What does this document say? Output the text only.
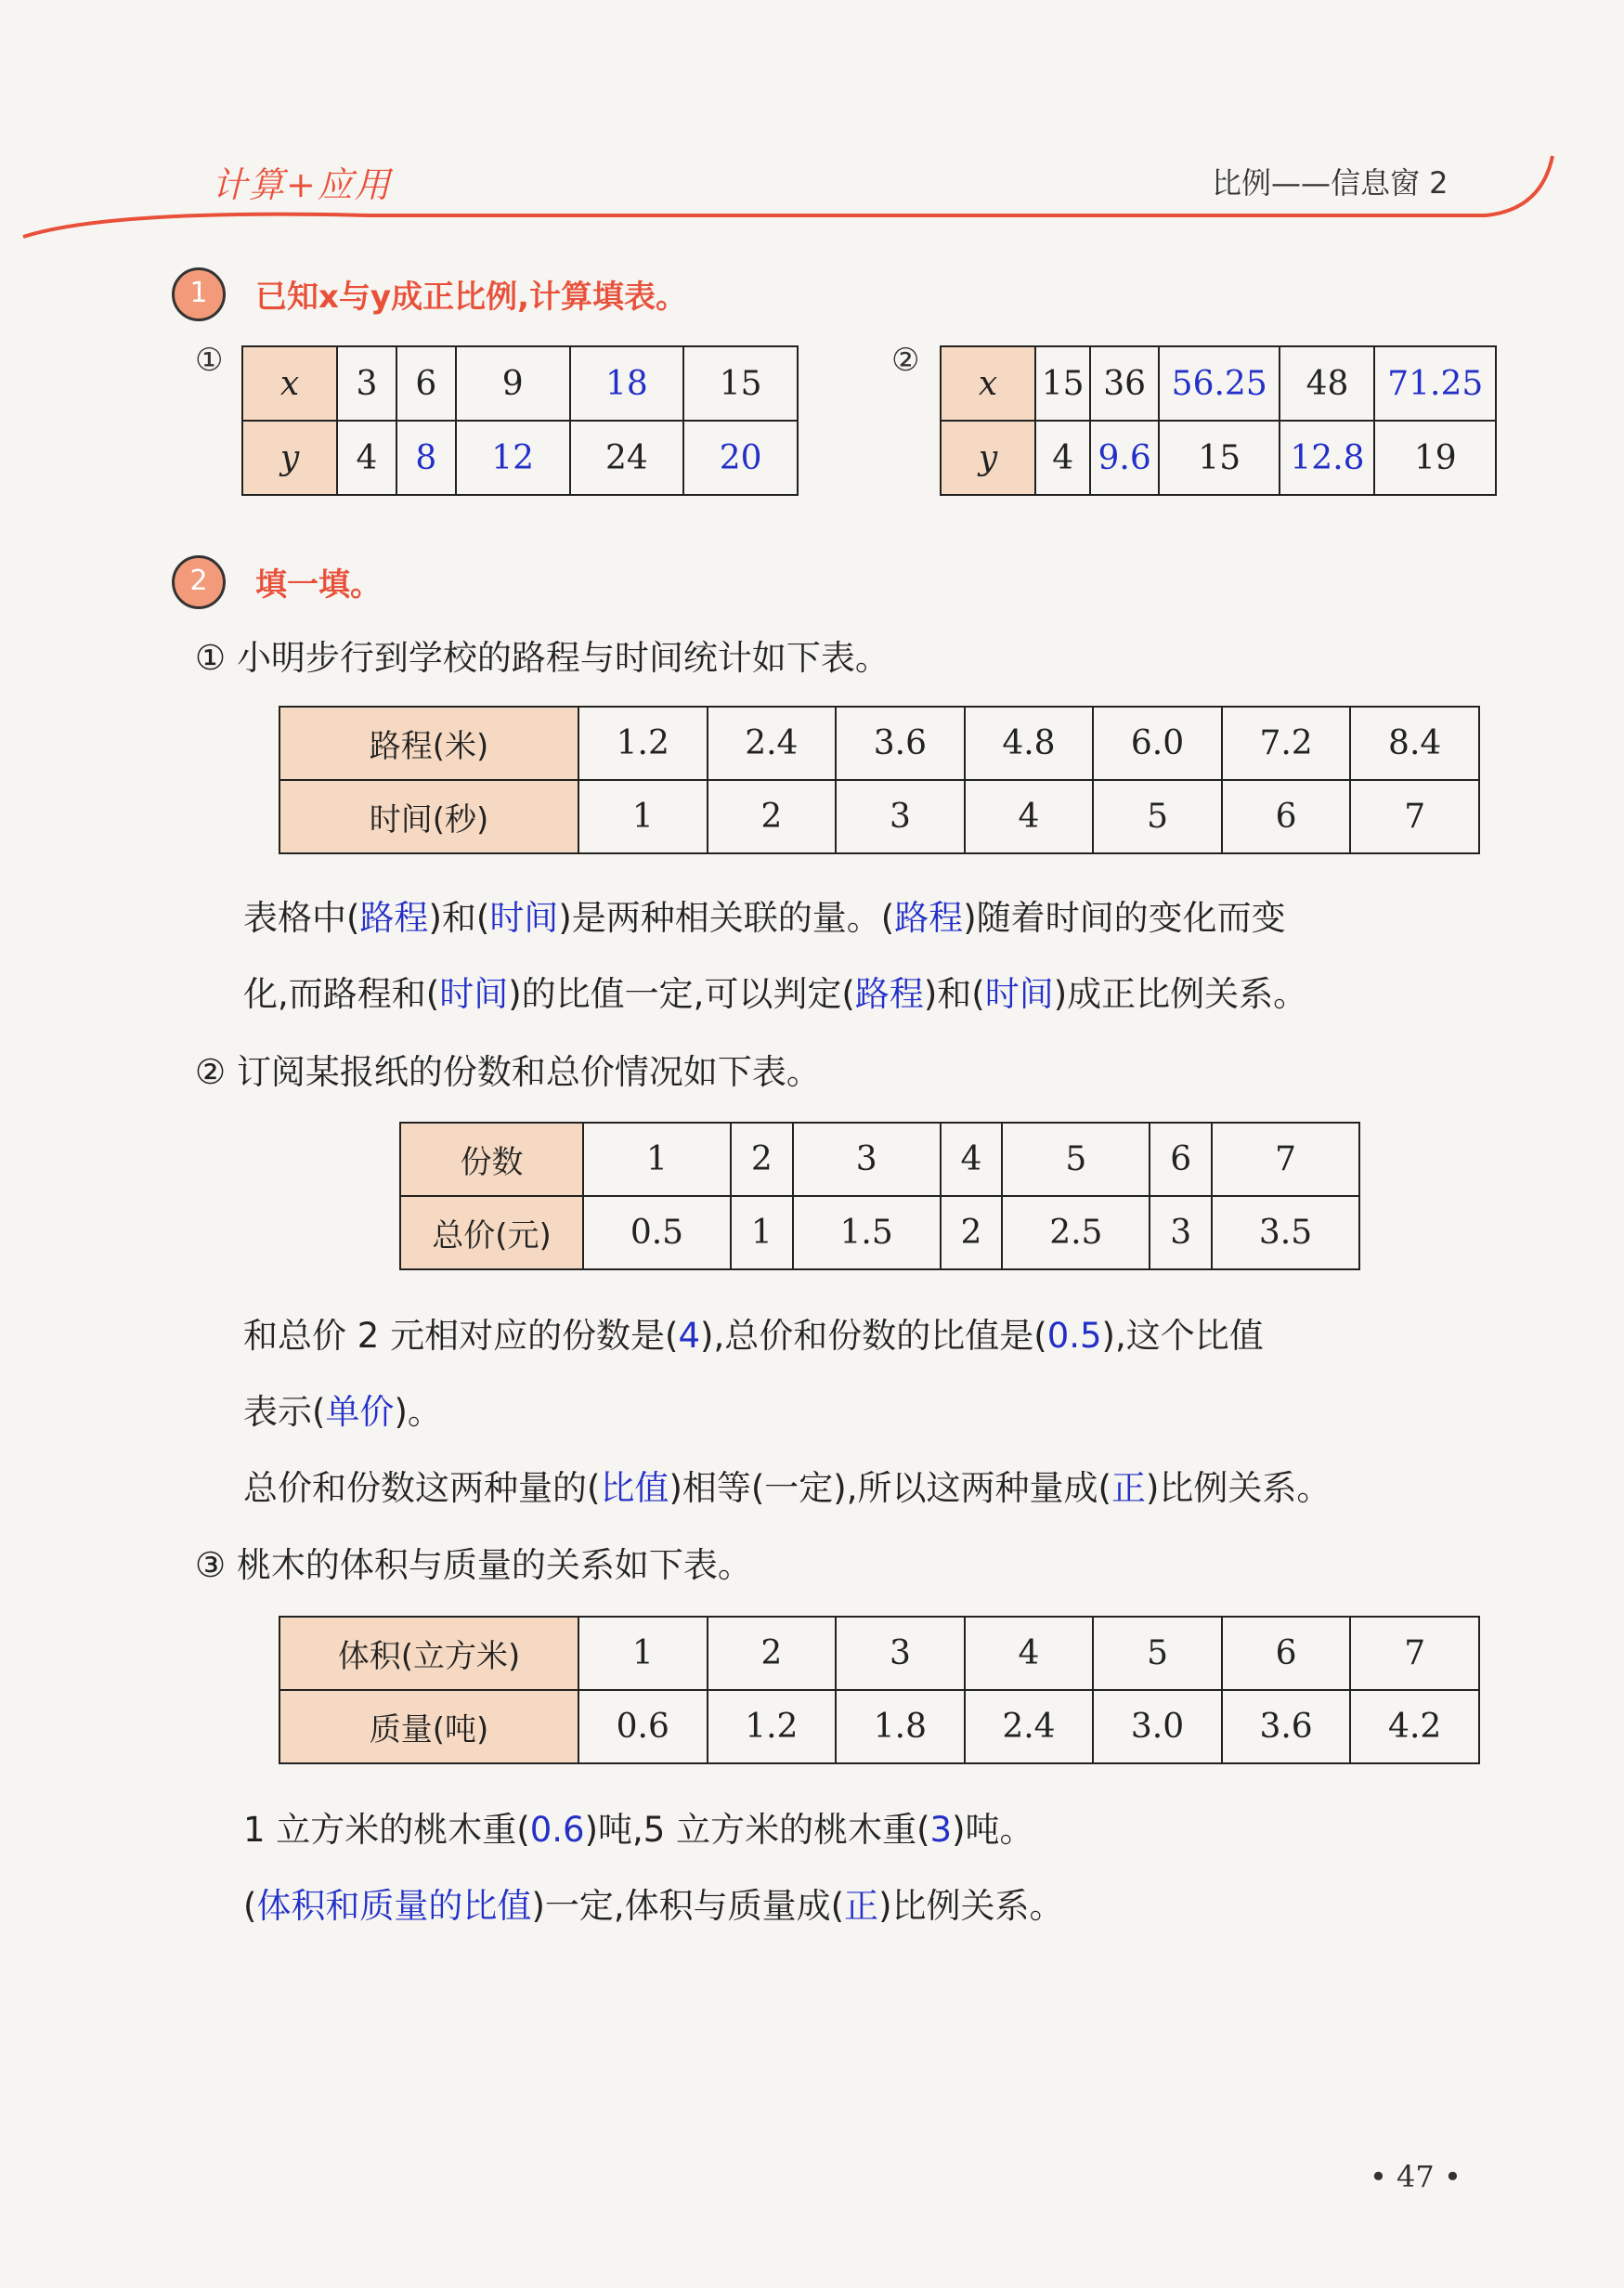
计算+应用	比例——信息窗 2
1	已知x与y成正比例,计算填表。
①
x	3	6	9	18	15
y	4	8	12	24	20
②
x	15	36	56.25	48	71.25
y	4	9.6	15	12.8	19
2	填一填。
① 小明步行到学校的路程与时间统计如下表。
路程(米)	1.2	2.4	3.6	4.8	6.0	7.2	8.4
时间(秒)	1	2	3	4	5	6	7
表格中(路程)和(时间)是两种相关联的量。(路程)随着时间的变化而变
化,而路程和(时间)的比值一定,可以判定(路程)和(时间)成正比例关系。
② 订阅某报纸的份数和总价情况如下表。
份数	1	2	3	4	5	6	7
总价(元)	0.5	1	1.5	2	2.5	3	3.5
和总价 2 元相对应的份数是(4),总价和份数的比值是(0.5),这个比值
表示(单价)。
总价和份数这两种量的(比值)相等(一定),所以这两种量成(正)比例关系。
③ 桃木的体积与质量的关系如下表。
体积(立方米)	1	2	3	4	5	6	7
质量(吨)	0.6	1.2	1.8	2.4	3.0	3.6	4.2
1 立方米的桃木重(0.6)吨,5 立方米的桃木重(3)吨。
(体积和质量的比值)一定,体积与质量成(正)比例关系。
• 47 •
